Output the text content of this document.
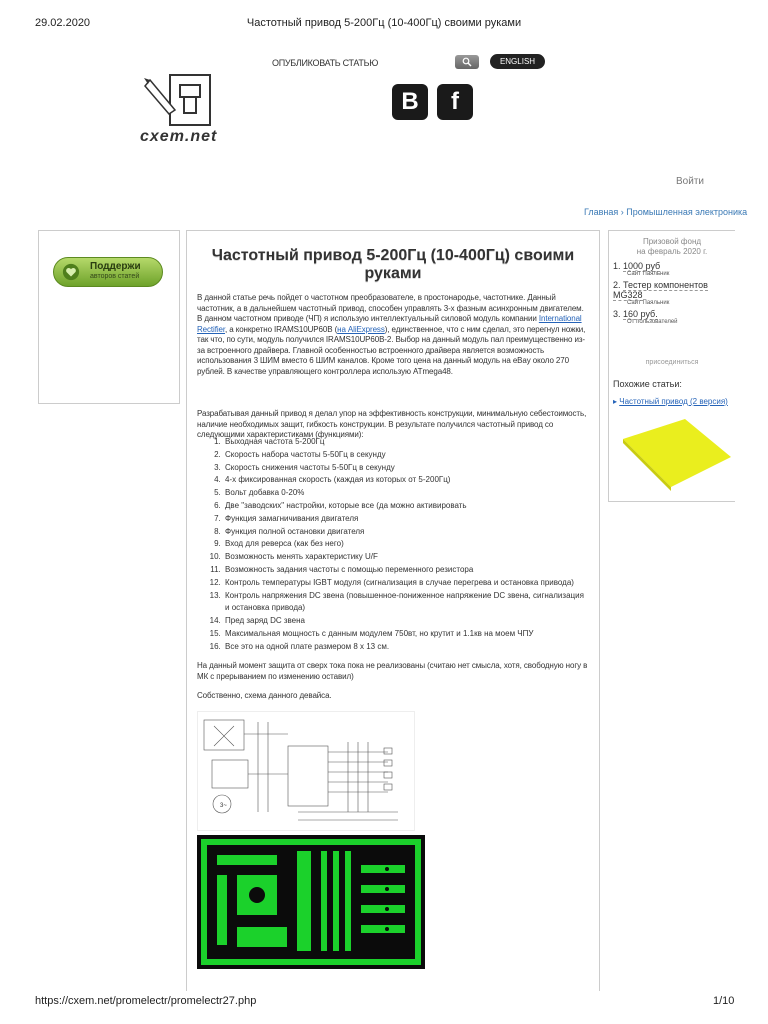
29.02.2020	Частотный привод 5-200Гц (10-400Гц) своими руками
ОПУБЛИКОВАТЬ СТАТЬЮ	ENGLISH
cxem.net
B	f
Войти
Главная › Промышленная электроника
Поддержи
авторов статей
Частотный привод 5-200Гц (10-400Гц) своими руками
В данной статье речь пойдет о частотном преобразователе, в простонародье, частотнике. Данный частотник, а в дальнейшем частотный привод, способен управлять 3-х фазным асинхронным двигателем. В данном частотном приводе (ЧП) я использую интеллектуальный силовой модуль компании International Rectifier, а конкретно IRAMS10UP60B (на AliExpress), единственное, что с ним сделал, это перегнул ножки, так что, по сути, модуль получился IRAMS10UP60B-2. Выбор на данный модуль пал преимущественно из-за встроенного драйвера. Главной особенностью встроенного драйвера является возможность использования 3 ШИМ вместо 6 ШИМ каналов. Кроме того цена на данный модуль на eBay около 270 рублей. В качестве управляющего контроллера использую ATmega48.
Разрабатывая данный привод я делал упор на эффективность конструкции, минимальную себестоимость, наличие необходимых защит, гибкость конструкции. В результате получился частотный привод со следующими характеристиками (функциями):
1. Выходная частота 5-200Гц
2. Скорость набора частоты 5-50Гц в секунду
3. Скорость снижения частоты 5-50Гц в секунду
4. 4-х фиксированная скорость (каждая из которых от 5-200Гц)
5. Вольт добавка 0-20%
6. Две "заводских" настройки, которые все (да можно активировать
7. Функция замагничивания двигателя
8. Функция полной остановки двигателя
9. Вход для реверса (как без него)
10. Возможность менять характеристику U/F
11. Возможность задания частоты с помощью переменного резистора
12. Контроль температуры IGBT модуля (сигнализация в случае перегрева и остановка привода)
13. Контроль напряжения DC звена (повышенное-пониженное напряжение DC звена, сигнализация и остановка привода)
14. Пред заряд DC звена
15. Максимальная мощность с данным модулем 750вт, но крутит и 1.1кв на моем ЧПУ
16. Все это на одной плате размером 8 х 13 см.
На данный момент защита от сверх тока пока не реализованы (считаю нет смысла, хотя, свободную ногу в МК с прерыванием по изменению оставил)
Собственно, схема данного девайса.
3~
Призовой фонд
на февраль 2020 г.
1. 1000 руб
Сайт Паяльник
2. Тестер компонентов MG328
Сайт Паяльник
3. 160 руб.
От пользователей
присоединиться
Похожие статьи:
▸ Частотный привод (2 версия)
https://cxem.net/promelectr/promelectr27.php	1/10
